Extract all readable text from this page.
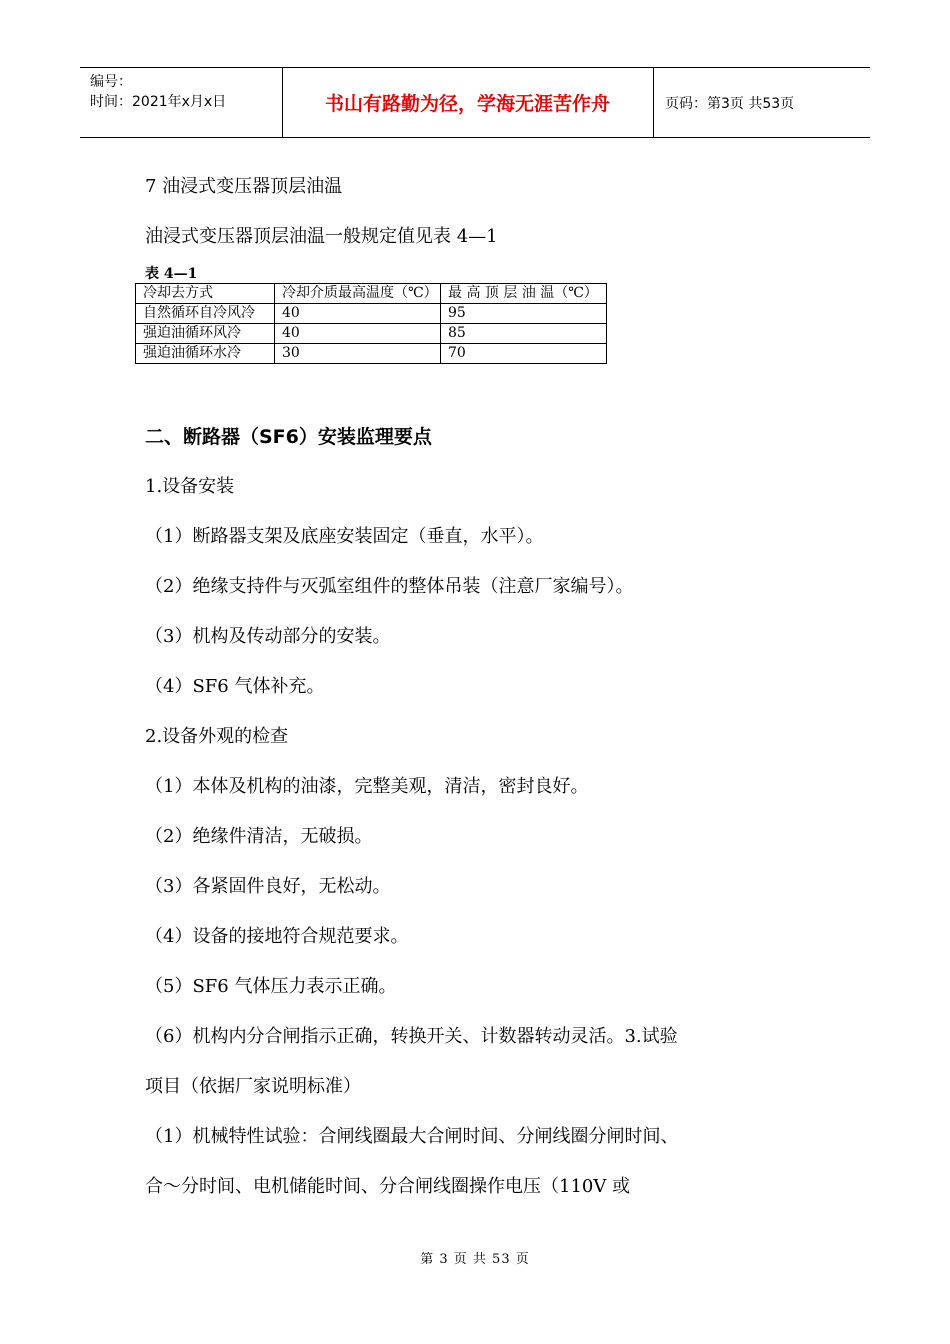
编号：
时间：2021年x月x日	书山有路勤为径，学海无涯苦作舟	页码：第3页 共53页
7 油浸式变压器顶层油温
油浸式变压器顶层油温一般规定值见表 4—1
表 4—1
冷却去方式	冷却介质最高温度（℃）	最 高 顶 层 油 温（℃）
自然循环自冷风冷	40	95
强迫油循环风冷	40	85
强迫油循环水冷	30	70
二、断路器（SF6）安装监理要点
1.设备安装
（1）断路器支架及底座安装固定（垂直，水平）。
（2）绝缘支持件与灭弧室组件的整体吊装（注意厂家编号）。
（3）机构及传动部分的安装。
（4）SF6 气体补充。
2.设备外观的检查
（1）本体及机构的油漆，完整美观，清洁，密封良好。
（2）绝缘件清洁，无破损。
（3）各紧固件良好，无松动。
（4）设备的接地符合规范要求。
（5）SF6 气体压力表示正确。
（6）机构内分合闸指示正确，转换开关、计数器转动灵活。3.试验
项目（依据厂家说明标准）
（1）机械特性试验：合闸线圈最大合闸时间、分闸线圈分闸时间、
合～分时间、电机储能时间、分合闸线圈操作电压（110V 或
第 3 页 共 53 页
